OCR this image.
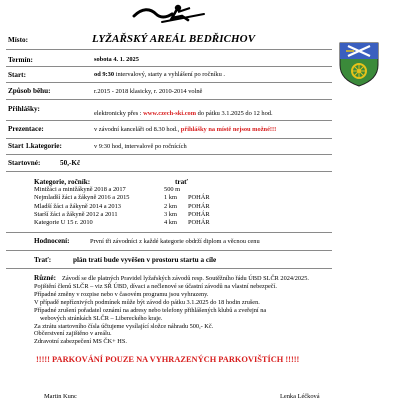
Místo:	LYŽAŘSKÝ AREÁL BEDŘICHOV
Termín:	sobota 4. 1. 2025
Start:	od 9:30 intervalový, starty a vyhlášení po ročníku .
Způsob běhu:	r.2015 - 2018 klasicky, r. 2010-2014 volně
Přihlášky:
elektronicky přes : www.czech-ski.com do pátku 3.1.2025 do 12 hod.
Prezentace:	v závodní kanceláři od 8.30 hod., přihlášky na místě nejsou možné!!!
Start 1.kategorie:	v 9:30 hod, intervalově po ročnících
Startovné:	50,-Kč
Kategorie, ročník:	trať
Minižáci a minižákyně 2018 a 2017	500 m
Nejmladší žáci a žákyně 2016 a 2015	1 km	POHÁR
Mladší žáci a žákyně 2014 a 2013	2 km	POHÁR
Starší žáci a žákyně 2012 a 2011	3 km	POHÁR
Kategorie U 15 r. 2010	4 km	POHÁR
Hodnocení:	První tři závodníci z každé kategorie obdrží diplom a věcnou cenu
Trať:	plán tratí bude vyvěšen v prostoru startu a cíle
Různé: Závodí se dle platných Pravidel lyžařských závodů resp. Soutěžního řádu ÚBD SLČR 2024/2025.
Pojištění členů SLČR – viz SŘ ÚBD, dívaci a nečlenové se účastní závodů na vlastní nebezpečí.
Případné změny v rozpise nebo v časovém programu jsou vyhrazeny.
V případě nepříznivých podmínek může být závod do pátku 3.1.2025 do 18 hodin zrušen.
Případné zrušení pořadatel oznámí na adresy nebo telefony přihlášených klubů a zveřejní na
webových stránkách SLČR – Libereckého kraje.
Za ztrátu startovního čísla účtujeme vysílající složce náhradu 500,- Kč.
Občerstvení zajištěno v areálu.
Zdravotní zabezpečení MS ČK+ HS.
!!!!! PARKOVÁNÍ POUZE NA VYHRAZENÝCH PARKOVIŠTÍCH !!!!!
Martin Kunc	Lenka Léčková
